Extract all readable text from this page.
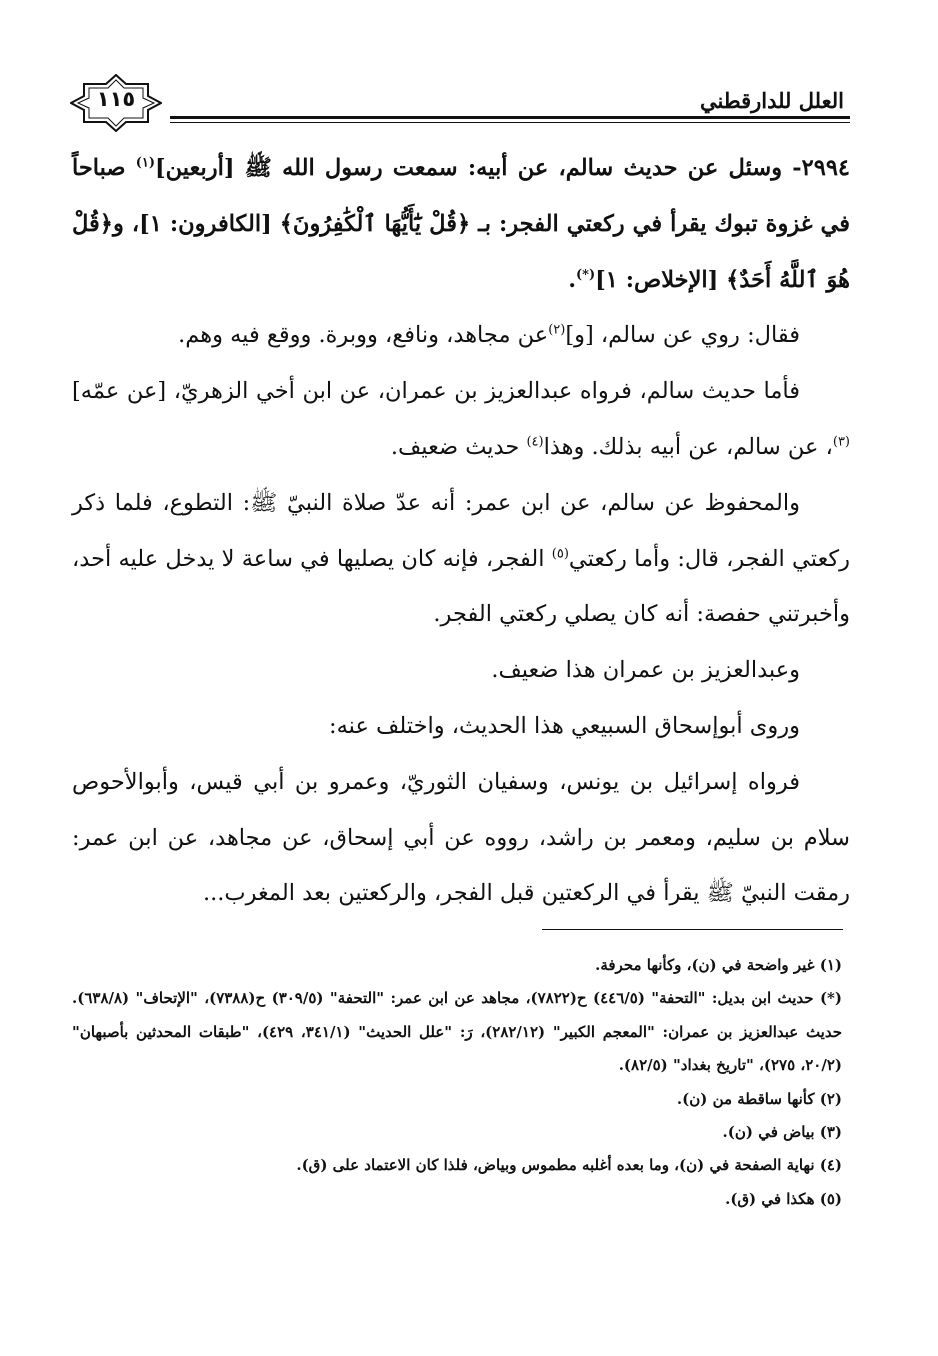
العلل للدارقطني
١١٥

٢٩٩٤- وسئل عن حديث سالم، عن أبيه: سمعت رسول الله ﷺ [أربعين]$^{(١)}$ صباحاً في غزوة تبوك يقرأ في ركعتي الفجر: بـ ﴿قُلْ يَٰٓأَيُّهَا ٱلْكَٰفِرُونَ﴾ [الكافرون: ١]، و﴿قُلْ هُوَ ٱللَّهُ أَحَدٌ﴾ [الإخلاص: ١](*).

فقال: روي عن سالم، [و]$^{(٢)}$عن مجاهد، ونافع، ووبرة. ووقع فيه وهم.

فأما حديث سالم، فرواه عبدالعزيز بن عمران، عن ابن أخي الزهريّ، [عن عمّه]$^{(٣)}$، عن سالم، عن أبيه بذلك. وهذا$^{(٤)}$ حديث ضعيف.

والمحفوظ عن سالم، عن ابن عمر: أنه عدّ صلاة النبيّ ﷺ: التطوع، فلما ذكر ركعتي الفجر، قال: وأما ركعتي$^{(٥)}$ الفجر، فإنه كان يصليها في ساعة لا يدخل عليه أحد، وأخبرتني حفصة: أنه كان يصلي ركعتي الفجر.

وعبدالعزيز بن عمران هذا ضعيف.

وروى أبوإسحاق السبيعي هذا الحديث، واختلف عنه:

فرواه إسرائيل بن يونس، وسفيان الثوريّ، وعمرو بن أبي قيس، وأبوالأحوص سلام بن سليم، ومعمر بن راشد، رووه عن أبي إسحاق، عن مجاهد، عن ابن عمر: رمقت النبيّ ﷺ يقرأ في الركعتين قبل الفجر، والركعتين بعد المغرب...

(١) غير واضحة في (ن)، وكأنها محرفة.

(*) حديث ابن بديل: "التحفة" (٤٤٦/٥) ح(٧٨٢٢)، مجاهد عن ابن عمر: "التحفة" (٣٠٩/٥) ح(٧٣٨٨)، "الإتحاف" (٦٣٨/٨). حديث عبدالعزيز بن عمران: "المعجم الكبير" (٢٨٢/١٢)، رَ: "علل الحديث" (٣٤١/١، ٤٢٩)، "طبقات المحدثين بأصبهان" (٢٠/٢، ٢٧٥)، "تاريخ بغداد" (٨٢/٥).

(٢) كأنها ساقطة من (ن).

(٣) بياض في (ن).

(٤) نهاية الصفحة في (ن)، وما بعده أغلبه مطموس وبياض، فلذا كان الاعتماد على (ق).

(٥) هكذا في (ق).
